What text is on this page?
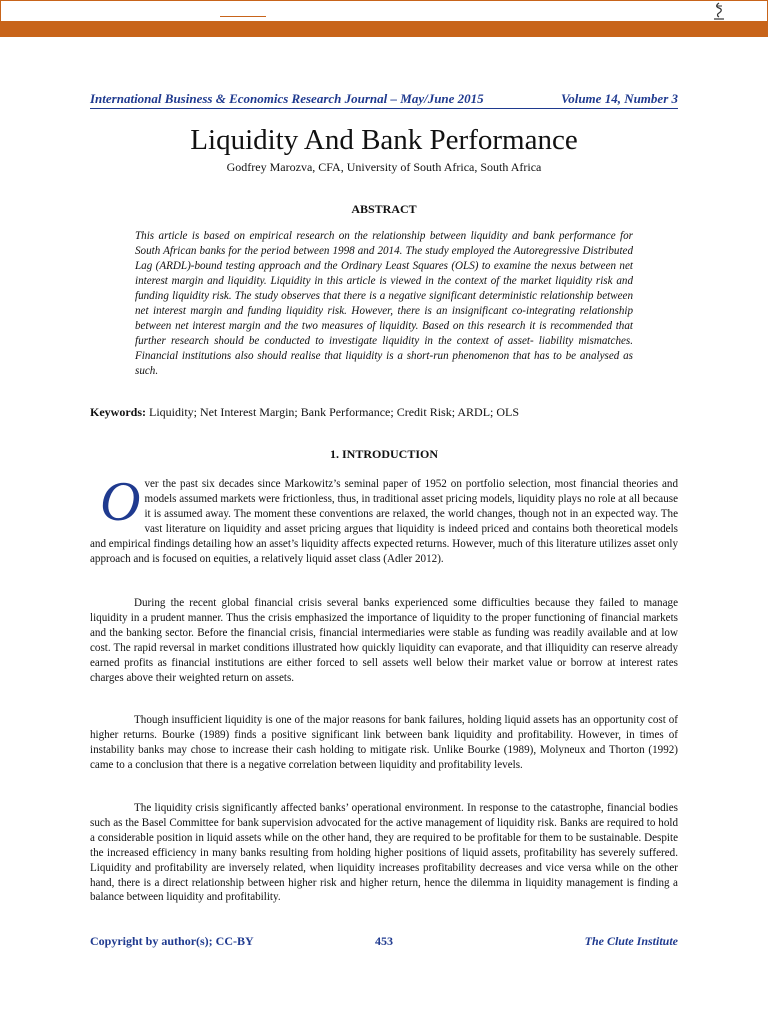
International Business & Economics Research Journal – May/June 2015	Volume 14, Number 3
Liquidity And Bank Performance
Godfrey Marozva, CFA, University of South Africa, South Africa
ABSTRACT
This article is based on empirical research on the relationship between liquidity and bank performance for South African banks for the period between 1998 and 2014. The study employed the Autoregressive Distributed Lag (ARDL)-bound testing approach and the Ordinary Least Squares (OLS) to examine the nexus between net interest margin and liquidity. Liquidity in this article is viewed in the context of the market liquidity risk and funding liquidity risk. The study observes that there is a negative significant deterministic relationship between net interest margin and funding liquidity risk. However, there is an insignificant co-integrating relationship between net interest margin and the two measures of liquidity. Based on this research it is recommended that further research should be conducted to investigate liquidity in the context of asset- liability mismatches. Financial institutions also should realise that liquidity is a short-run phenomenon that has to be analysed as such.
Keywords: Liquidity; Net Interest Margin; Bank Performance; Credit Risk; ARDL; OLS
1. INTRODUCTION
Over the past six decades since Markowitz’s seminal paper of 1952 on portfolio selection, most financial theories and models assumed markets were frictionless, thus, in traditional asset pricing models, liquidity plays no role at all because it is assumed away. The moment these conventions are relaxed, the world changes, though not in an expected way. The vast literature on liquidity and asset pricing argues that liquidity is indeed priced and contains both theoretical models and empirical findings detailing how an asset’s liquidity affects expected returns. However, much of this literature utilizes asset only approach and is focused on equities, a relatively liquid asset class (Adler 2012).
During the recent global financial crisis several banks experienced some difficulties because they failed to manage liquidity in a prudent manner. Thus the crisis emphasized the importance of liquidity to the proper functioning of financial markets and the banking sector. Before the financial crisis, financial intermediaries were stable as funding was readily available and at low cost. The rapid reversal in market conditions illustrated how quickly liquidity can evaporate, and that illiquidity can reserve already earned profits as financial institutions are either forced to sell assets well below their market value or borrow at interest rates charges above their weighted return on assets.
Though insufficient liquidity is one of the major reasons for bank failures, holding liquid assets has an opportunity cost of higher returns. Bourke (1989) finds a positive significant link between bank liquidity and profitability. However, in times of instability banks may chose to increase their cash holding to mitigate risk. Unlike Bourke (1989), Molyneux and Thorton (1992) came to a conclusion that there is a negative correlation between liquidity and profitability levels.
The liquidity crisis significantly affected banks’ operational environment. In response to the catastrophe, financial bodies such as the Basel Committee for bank supervision advocated for the active management of liquidity risk. Banks are required to hold a considerable position in liquid assets while on the other hand, they are required to be profitable for them to be sustainable. Despite the increased efficiency in many banks resulting from holding higher positions of liquid assets, profitability has severely suffered. Liquidity and profitability are inversely related, when liquidity increases profitability decreases and vice versa while on the other hand, there is a direct relationship between higher risk and higher return, hence the dilemma in liquidity management is finding a balance between liquidity and profitability.
Copyright by author(s); CC-BY	453	The Clute Institute
